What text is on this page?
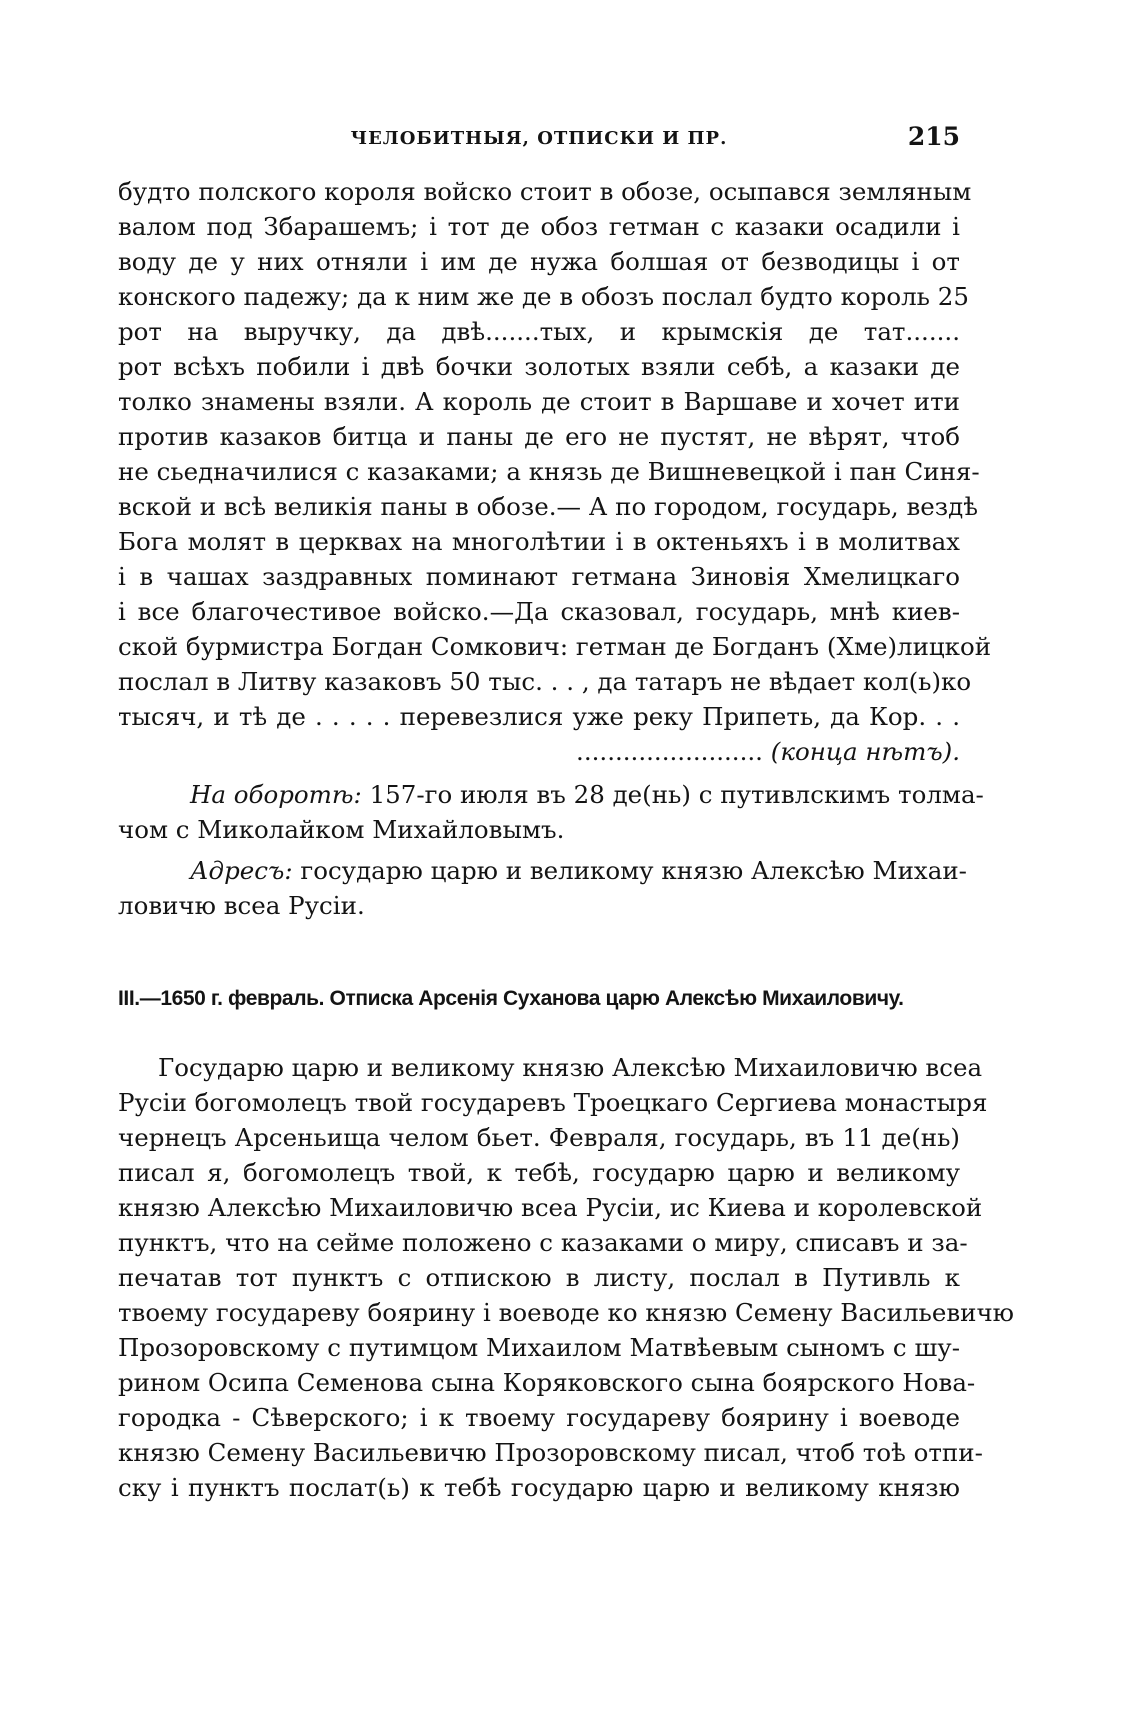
ЧЕЛОБИТНЫЯ, ОТПИСКИ И ПР.	215
будто полского короля войско стоит в обозе, осыпався земляным
валом под Збарашемъ; і тот де обоз гетман с казаки осадили і
воду де у них отняли і им де нужа болшая от безводицы і от
конского падежу; да к ним же де в обозъ послал будто король 25
рот на выручку, да двѣ.......тых, и крымскія де тат.......
рот всѣхъ побили і двѣ бочки золотых взяли себѣ, а казаки де
толко знамены взяли. А король де стоит в Варшаве и хочет ити
против казаков битца и паны де его не пустят, не вѣрят, чтоб
не сьедначилися с казаками; а князь де Вишневецкой і пан Синя-
вской и всѣ великія паны в обозе.— А по городом, государь, вездѣ
Бога молят в церквах на многолѣтии і в октеньяхъ і в молитвах
і в чашах заздравных поминают гетмана Зиновія Хмелицкаго
і все благочестивое войско.—Да сказовал, государь, мнѣ киев-
ской бурмистра Богдан Сомкович: гетман де Богданъ (Хме)лицкой
послал в Литву казаковъ 50 тыс. . . , да татаръ не вѣдает кол(ь)ко
тысяч, и тѣ де . . . . . перевезлися уже реку Припеть, да Кор. . .
........................ (конца нѣтъ).
На оборотѣ: 157-го июля въ 28 де(нь) с путивлскимъ толма-
чом с Миколайком Михайловымъ.
Адресъ: государю царю и великому князю Алексѣю Михаи-
ловичю всеа Русіи.
III.—1650 г. февраль. Отписка Арсенія Суханова царю Алексѣю Михаиловичу.
Государю царю и великому князю Алексѣю Михаиловичю всеа
Русіи богомолецъ твой государевъ Троецкаго Сергиева монастыря
чернецъ Арсеньища челом бьет. Февраля, государь, въ 11 де(нь)
писал я, богомолецъ твой, к тебѣ, государю царю и великому
князю Алексѣю Михаиловичю всеа Русіи, ис Киева и королевской
пунктъ, что на сейме положено с казаками о миру, списавъ и за-
печатав тот пунктъ с отпискою в листу, послал в Путивль к
твоему государеву боярину і воеводе ко князю Семену Васильевичю
Прозоровскому с путимцом Михаилом Матвѣевым сыномъ с шу-
рином Осипа Семенова сына Коряковского сына боярского Нова-
городка - Сѣверского; і к твоему государеву боярину і воеводе
князю Семену Васильевичю Прозоровскому писал, чтоб тоѣ отпи-
ску і пунктъ послат(ь) к тебѣ государю царю и великому князю
